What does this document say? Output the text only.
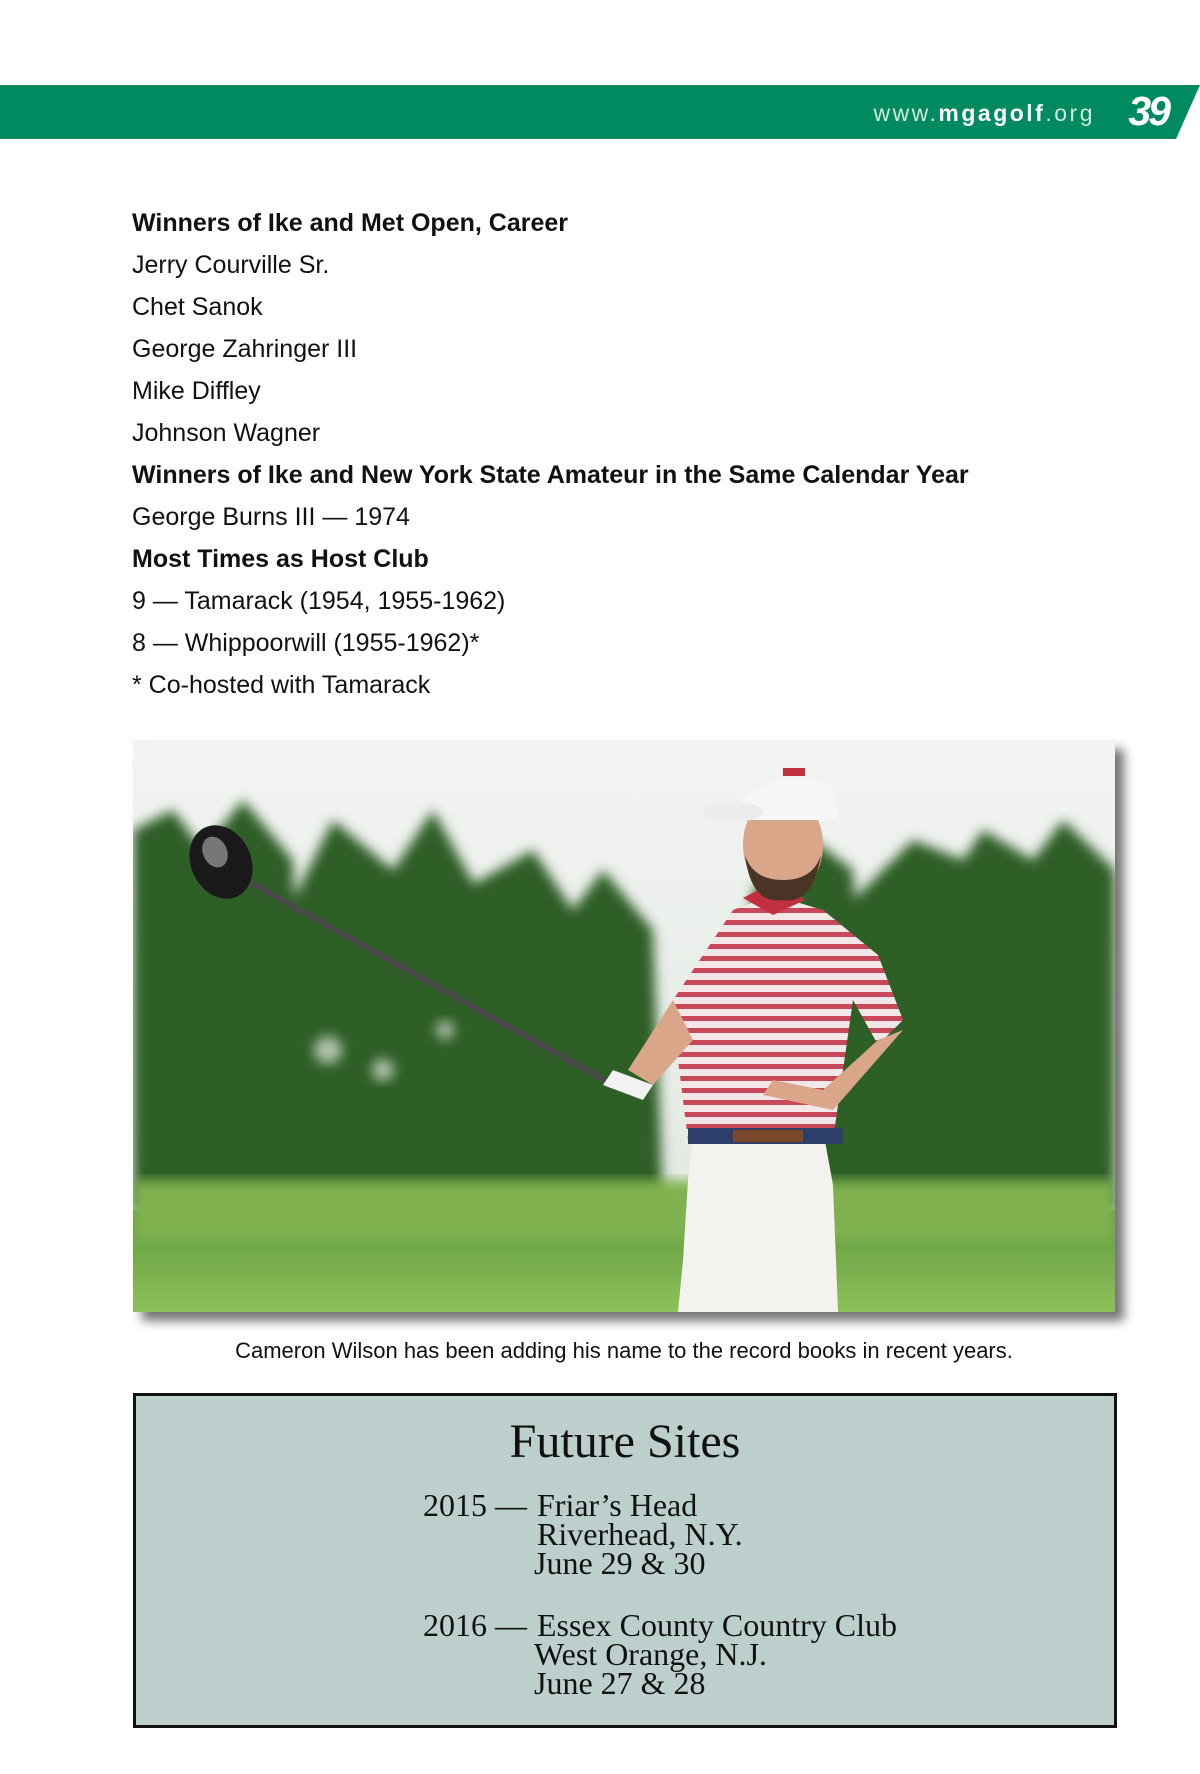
www.mgagolf.org 39
Winners of Ike and Met Open, Career
Jerry Courville Sr.
Chet Sanok
George Zahringer III
Mike Diffley
Johnson Wagner
Winners of Ike and New York State Amateur in the Same Calendar Year
George Burns III — 1974
Most Times as Host Club
9 — Tamarack (1954, 1955-1962)
8 — Whippoorwill (1955-1962)*
* Co-hosted with Tamarack
Cameron Wilson has been adding his name to the record books in recent years.
Future Sites
2015 — Friar’s Head
Riverhead, N.Y.
June 29 & 30
2016 — Essex County Country Club
West Orange, N.J.
June 27 & 28
